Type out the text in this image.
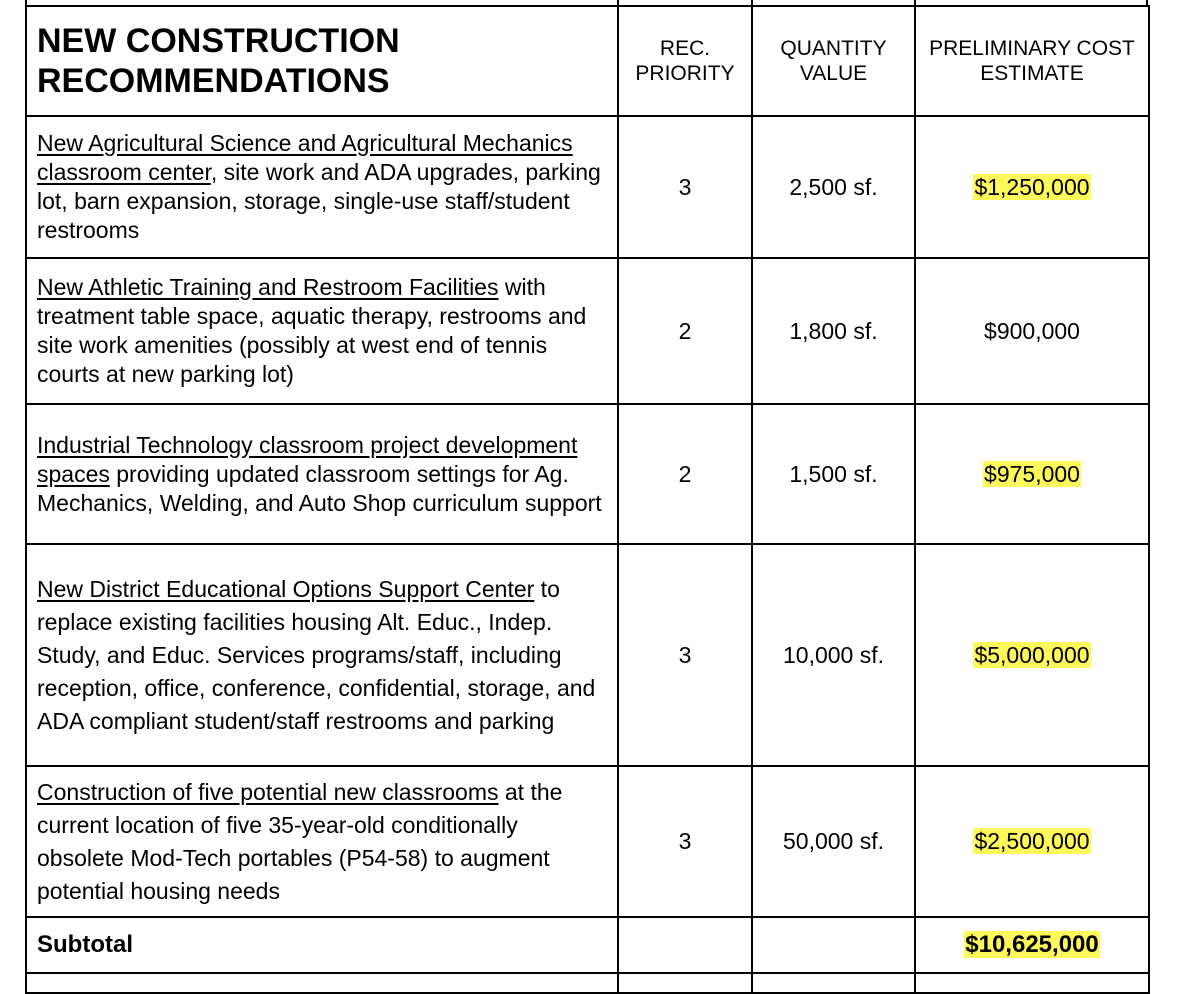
NEW CONSTRUCTION RECOMMENDATIONS	REC. PRIORITY	QUANTITY VALUE	PRELIMINARY COST ESTIMATE
New Agricultural Science and Agricultural Mechanics classroom center, site work and ADA upgrades, parking lot, barn expansion, storage, single-use staff/student restrooms	3	2,500 sf.	$1,250,000
New Athletic Training and Restroom Facilities with treatment table space, aquatic therapy, restrooms and site work amenities (possibly at west end of tennis courts at new parking lot)	2	1,800 sf.	$900,000
Industrial Technology classroom project development spaces providing updated classroom settings for Ag. Mechanics, Welding, and Auto Shop curriculum support	2	1,500 sf.	$975,000
New District Educational Options Support Center to replace existing facilities housing Alt. Educ., Indep. Study, and Educ. Services programs/staff, including reception, office, conference, confidential, storage, and ADA compliant student/staff restrooms and parking	3	10,000 sf.	$5,000,000
Construction of five potential new classrooms at the current location of five 35-year-old conditionally obsolete Mod-Tech portables (P54-58) to augment potential housing needs	3	50,000 sf.	$2,500,000
Subtotal			$10,625,000
